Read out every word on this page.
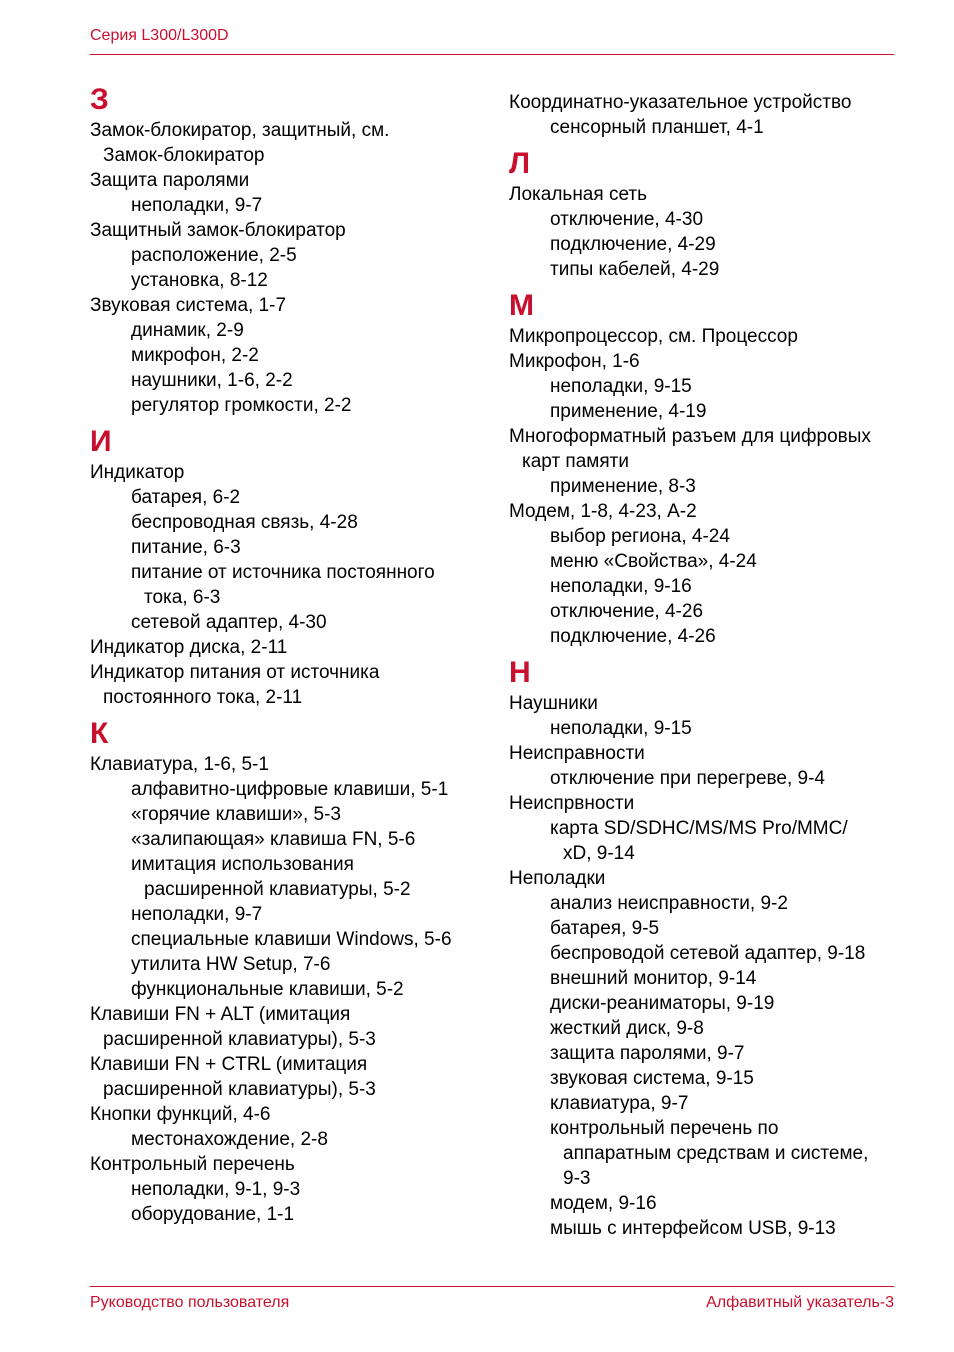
Серия L300/L300D
З
Замок-блокиратор, защитный, см.
Замок-блокиратор
Защита паролями
неполадки, 9-7
Защитный замок-блокиратор
расположение, 2-5
установка, 8-12
Звуковая система, 1-7
динамик, 2-9
микрофон, 2-2
наушники, 1-6, 2-2
регулятор громкости, 2-2
И
Индикатор
батарея, 6-2
беспроводная связь, 4-28
питание, 6-3
питание от источника постоянного
тока, 6-3
сетевой адаптер, 4-30
Индикатор диска, 2-11
Индикатор питания от источника
постоянного тока, 2-11
К
Клавиатура, 1-6, 5-1
алфавитно-цифровые клавиши, 5-1
«горячие клавиши», 5-3
«залипающая» клавиша FN, 5-6
имитация использования
расширенной клавиатуры, 5-2
неполадки, 9-7
специальные клавиши Windows, 5-6
утилита HW Setup, 7-6
функциональные клавиши, 5-2
Клавиши FN + ALT (имитация
расширенной клавиатуры), 5-3
Клавиши FN + CTRL (имитация
расширенной клавиатуры), 5-3
Кнопки функций, 4-6
местонахождение, 2-8
Контрольный перечень
неполадки, 9-1, 9-3
оборудование, 1-1
Координатно-указательное устройство
сенсорный планшет, 4-1
Л
Локальная сеть
отключение, 4-30
подключение, 4-29
типы кабелей, 4-29
М
Микропроцессор, см. Процессор
Микрофон, 1-6
неполадки, 9-15
применение, 4-19
Многоформатный разъем для цифровых
карт памяти
применение, 8-3
Модем, 1-8, 4-23, A-2
выбор региона, 4-24
меню «Свойства», 4-24
неполадки, 9-16
отключение, 4-26
подключение, 4-26
Н
Наушники
неполадки, 9-15
Неисправности
отключение при перегреве, 9-4
Неиспрвности
карта SD/SDHC/MS/MS Pro/MMC/
xD, 9-14
Неполадки
анализ неисправности, 9-2
батарея, 9-5
беспроводой сетевой адаптер, 9-18
внешний монитор, 9-14
диски-реаниматоры, 9-19
жесткий диск, 9-8
защита паролями, 9-7
звуковая система, 9-15
клавиатура, 9-7
контрольный перечень по
аппаратным средствам и системе,
9-3
модем, 9-16
мышь с интерфейсом USB, 9-13
Руководство пользователя	Алфавитный указатель-3
